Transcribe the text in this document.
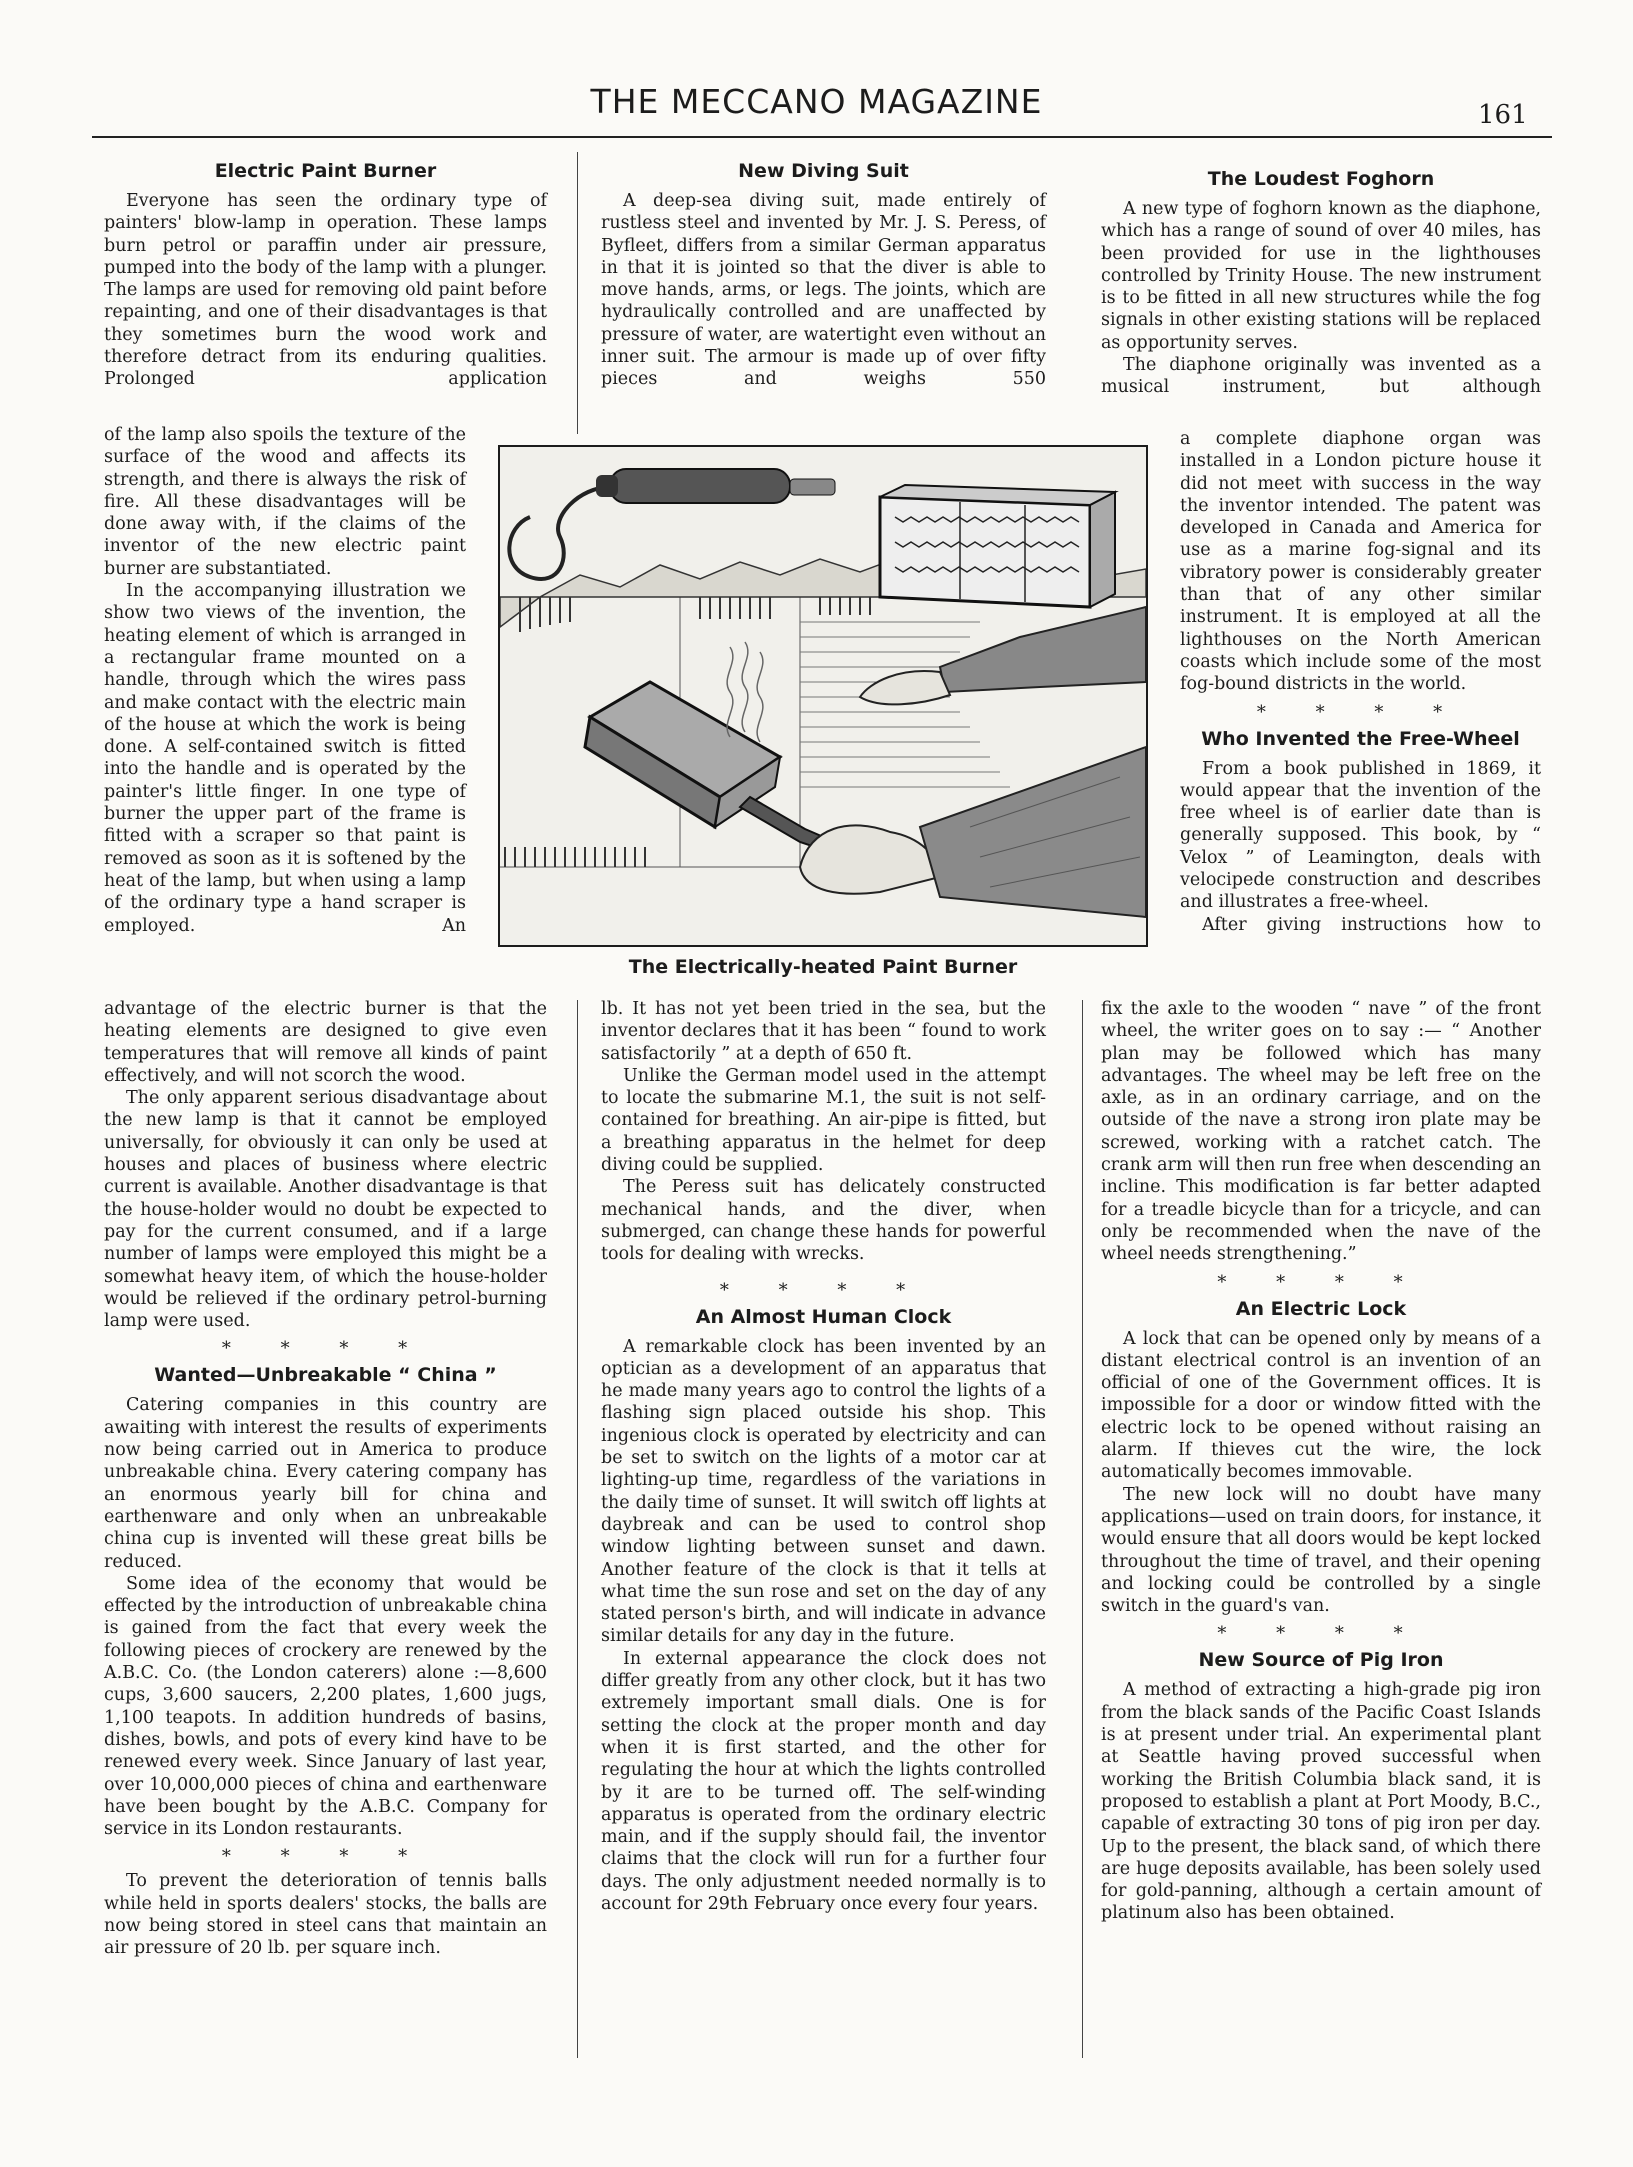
THE MECCANO MAGAZINE	161
Electric Paint Burner

Everyone has seen the ordinary type of painters' blow-lamp in operation. These lamps burn petrol or paraffin under air pressure, pumped into the body of the lamp with a plunger. The lamps are used for removing old paint before repainting, and one of their disadvantages is that they sometimes burn the wood work and therefore detract from its enduring qualities. Prolonged application

of the lamp also spoils the texture of the surface of the wood and affects its strength, and there is always the risk of fire. All these disadvantages will be done away with, if the claims of the inventor of the new electric paint burner are substantiated.

In the accompanying illustration we show two views of the invention, the heating element of which is arranged in a rectangular frame mounted on a handle, through which the wires pass and make contact with the electric main of the house at which the work is being done. A self-contained switch is fitted into the handle and is operated by the painter's little finger. In one type of burner the upper part of the frame is fitted with a scraper so that paint is removed as soon as it is softened by the heat of the lamp, but when using a lamp of the ordinary type a hand scraper is employed. An

advantage of the electric burner is that the heating elements are designed to give even temperatures that will remove all kinds of paint effectively, and will not scorch the wood.

The only apparent serious disadvantage about the new lamp is that it cannot be employed universally, for obviously it can only be used at houses and places of business where electric current is available. Another disadvantage is that the house-holder would no doubt be expected to pay for the current consumed, and if a large number of lamps were employed this might be a somewhat heavy item, of which the house-holder would be relieved if the ordinary petrol-burning lamp were used.

* * * *
Wanted—Unbreakable “ China ”

Catering companies in this country are awaiting with interest the results of experiments now being carried out in America to produce unbreakable china. Every catering company has an enormous yearly bill for china and earthenware and only when an unbreakable china cup is invented will these great bills be reduced.

Some idea of the economy that would be effected by the introduction of unbreakable china is gained from the fact that every week the following pieces of crockery are renewed by the A.B.C. Co. (the London caterers) alone :—8,600 cups, 3,600 saucers, 2,200 plates, 1,600 jugs, 1,100 teapots. In addition hundreds of basins, dishes, bowls, and pots of every kind have to be renewed every week. Since January of last year, over 10,000,000 pieces of china and earthenware have been bought by the A.B.C. Company for service in its London restaurants.

* * * *

To prevent the deterioration of tennis balls while held in sports dealers' stocks, the balls are now being stored in steel cans that maintain an air pressure of 20 lb. per square inch.

New Diving Suit

A deep-sea diving suit, made entirely of rustless steel and invented by Mr. J. S. Peress, of Byfleet, differs from a similar German apparatus in that it is jointed so that the diver is able to move hands, arms, or legs. The joints, which are hydraulically controlled and are unaffected by pressure of water, are watertight even without an inner suit. The armour is made up of over fifty pieces and weighs 550

The Electrically-heated Paint Burner

lb. It has not yet been tried in the sea, but the inventor declares that it has been “ found to work satisfactorily ” at a depth of 650 ft.

Unlike the German model used in the attempt to locate the submarine M.1, the suit is not self-contained for breathing. An air-pipe is fitted, but a breathing apparatus in the helmet for deep diving could be supplied.

The Peress suit has delicately constructed mechanical hands, and the diver, when submerged, can change these hands for powerful tools for dealing with wrecks.

* * * *
An Almost Human Clock

A remarkable clock has been invented by an optician as a development of an apparatus that he made many years ago to control the lights of a flashing sign placed outside his shop. This ingenious clock is operated by electricity and can be set to switch on the lights of a motor car at lighting-up time, regardless of the variations in the daily time of sunset. It will switch off lights at daybreak and can be used to control shop window lighting between sunset and dawn. Another feature of the clock is that it tells at what time the sun rose and set on the day of any stated person's birth, and will indicate in advance similar details for any day in the future.

In external appearance the clock does not differ greatly from any other clock, but it has two extremely important small dials. One is for setting the clock at the proper month and day when it is first started, and the other for regulating the hour at which the lights controlled by it are to be turned off. The self-winding apparatus is operated from the ordinary electric main, and if the supply should fail, the inventor claims that the clock will run for a further four days. The only adjustment needed normally is to account for 29th February once every four years.

The Loudest Foghorn

A new type of foghorn known as the diaphone, which has a range of sound of over 40 miles, has been provided for use in the lighthouses controlled by Trinity House. The new instrument is to be fitted in all new structures while the fog signals in other existing stations will be replaced as opportunity serves.

The diaphone originally was invented as a musical instrument, but although

a complete diaphone organ was installed in a London picture house it did not meet with success in the way the inventor intended. The patent was developed in Canada and America for use as a marine fog-signal and its vibratory power is considerably greater than that of any other similar instrument. It is employed at all the lighthouses on the North American coasts which include some of the most fog-bound districts in the world.

* * * *
Who Invented the Free-Wheel

From a book published in 1869, it would appear that the invention of the free wheel is of earlier date than is generally supposed. This book, by “ Velox ” of Leamington, deals with velocipede construction and describes and illustrates a free-wheel.

After giving instructions how to

fix the axle to the wooden “ nave ” of the front wheel, the writer goes on to say :— “ Another plan may be followed which has many advantages. The wheel may be left free on the axle, as in an ordinary carriage, and on the outside of the nave a strong iron plate may be screwed, working with a ratchet catch. The crank arm will then run free when descending an incline. This modification is far better adapted for a treadle bicycle than for a tricycle, and can only be recommended when the nave of the wheel needs strengthening.”

* * * *
An Electric Lock

A lock that can be opened only by means of a distant electrical control is an invention of an official of one of the Government offices. It is impossible for a door or window fitted with the electric lock to be opened without raising an alarm. If thieves cut the wire, the lock automatically becomes immovable.

The new lock will no doubt have many applications—used on train doors, for instance, it would ensure that all doors would be kept locked throughout the time of travel, and their opening and locking could be controlled by a single switch in the guard's van.

* * * *
New Source of Pig Iron

A method of extracting a high-grade pig iron from the black sands of the Pacific Coast Islands is at present under trial. An experimental plant at Seattle having proved successful when working the British Columbia black sand, it is proposed to establish a plant at Port Moody, B.C., capable of extracting 30 tons of pig iron per day. Up to the present, the black sand, of which there are huge deposits available, has been solely used for gold-panning, although a certain amount of platinum also has been obtained.
